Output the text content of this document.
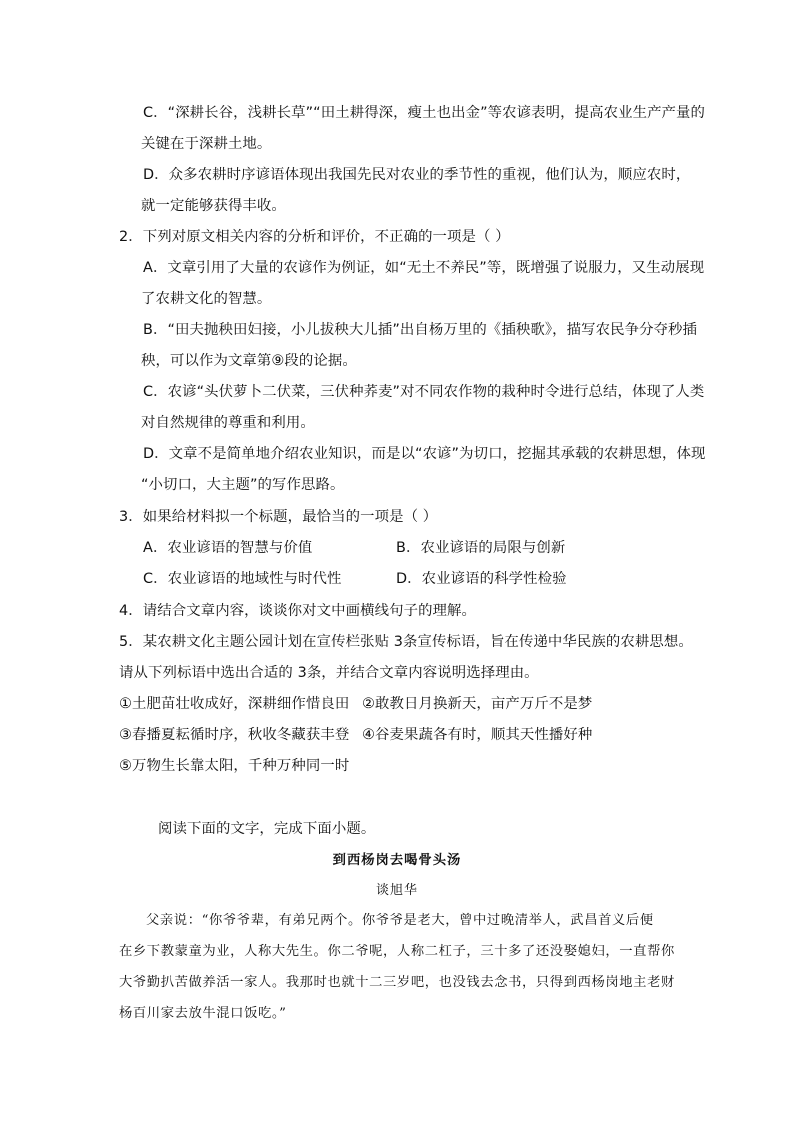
C．“深耕长谷，浅耕长草”“田土耕得深，瘦土也出金”等农谚表明，提高农业生产产量的
关键在于深耕土地。
D．众多农耕时序谚语体现出我国先民对农业的季节性的重视，他们认为，顺应农时，
就一定能够获得丰收。
2．下列对原文相关内容的分析和评价，不正确的一项是（ ）
A．文章引用了大量的农谚作为例证，如“无土不养民”等，既增强了说服力，又生动展现
了农耕文化的智慧。
B．“田夫抛秧田妇接，小儿拔秧大儿插”出自杨万里的《插秧歌》，描写农民争分夺秒插
秧，可以作为文章第⑨段的论据。
C．农谚“头伏萝卜二伏菜，三伏种荞麦”对不同农作物的栽种时令进行总结，体现了人类
对自然规律的尊重和利用。
D．文章不是简单地介绍农业知识，而是以“农谚”为切口，挖掘其承载的农耕思想，体现
“小切口，大主题”的写作思路。
3．如果给材料拟一个标题，最恰当的一项是（ ）
A．农业谚语的智慧与价值	B．农业谚语的局限与创新
C．农业谚语的地域性与时代性	D．农业谚语的科学性检验
4．请结合文章内容，谈谈你对文中画横线句子的理解。
5．某农耕文化主题公园计划在宣传栏张贴 3条宣传标语，旨在传递中华民族的农耕思想。
请从下列标语中选出合适的 3条，并结合文章内容说明选择理由。
①土肥苗壮收成好，深耕细作惜良田 ②敢教日月换新天，亩产万斤不是梦
③春播夏耘循时序，秋收冬藏获丰登 ④谷麦果蔬各有时，顺其天性播好种
⑤万物生长靠太阳，千种万种同一时
阅读下面的文字，完成下面小题。
到西杨岗去喝骨头汤
谈旭华
父亲说：“你爷爷辈，有弟兄两个。你爷爷是老大，曾中过晚清举人，武昌首义后便
在乡下教蒙童为业，人称大先生。你二爷呢，人称二杠子，三十多了还没娶媳妇，一直帮你
大爷勤扒苦做养活一家人。我那时也就十二三岁吧，也没钱去念书，只得到西杨岗地主老财
杨百川家去放牛混口饭吃。”
